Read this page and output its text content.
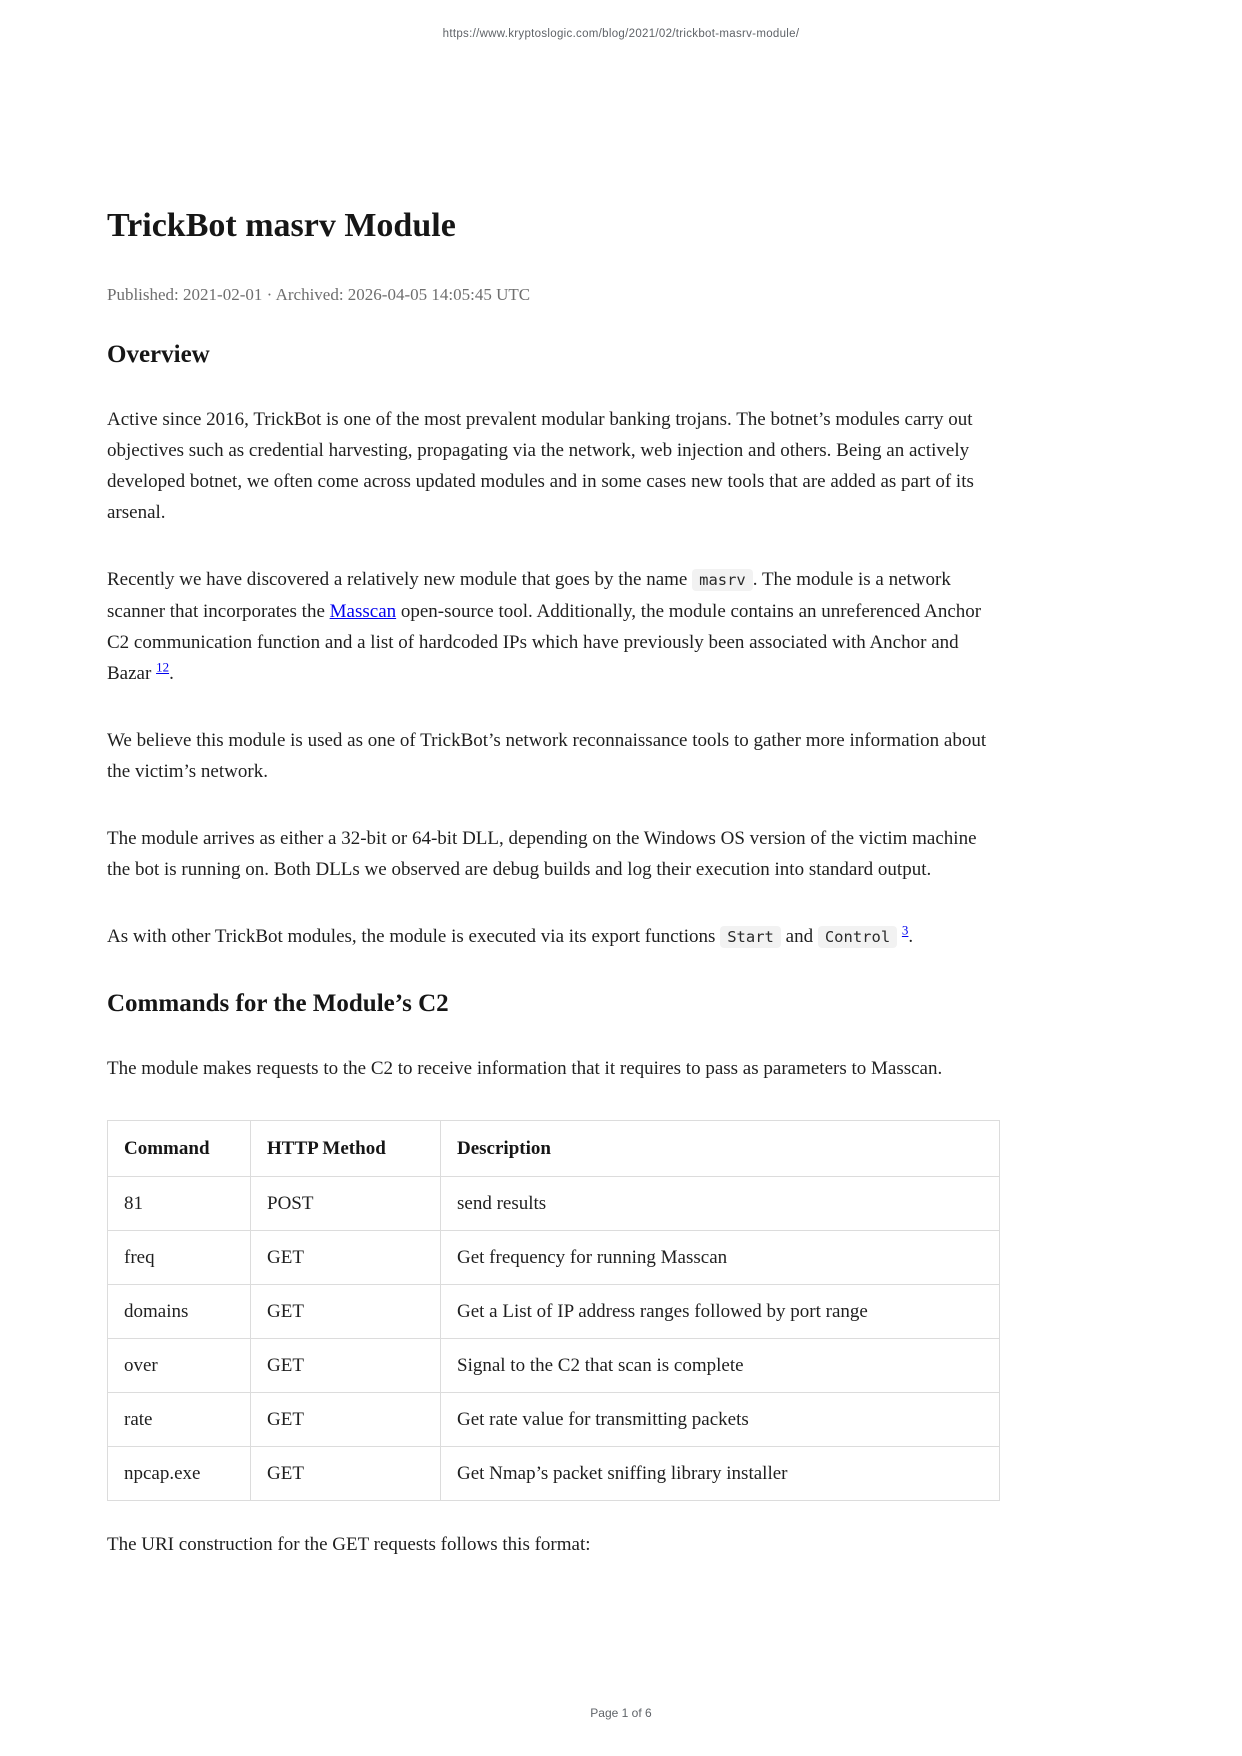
https://www.kryptoslogic.com/blog/2021/02/trickbot-masrv-module/
TrickBot masrv Module
Published: 2021-02-01 · Archived: 2026-04-05 14:05:45 UTC
Overview

Active since 2016, TrickBot is one of the most prevalent modular banking trojans. The botnet’s modules carry out objectives such as credential harvesting, propagating via the network, web injection and others. Being an actively developed botnet, we often come across updated modules and in some cases new tools that are added as part of its arsenal.

Recently we have discovered a relatively new module that goes by the name masrv . The module is a network scanner that incorporates the Masscan open-source tool. Additionally, the module contains an unreferenced Anchor C2 communication function and a list of hardcoded IPs which have previously been associated with Anchor and Bazar $^{12}$.

We believe this module is used as one of TrickBot’s network reconnaissance tools to gather more information about the victim’s network.

The module arrives as either a 32-bit or 64-bit DLL, depending on the Windows OS version of the victim machine the bot is running on. Both DLLs we observed are debug builds and log their execution into standard output.

As with other TrickBot modules, the module is executed via its export functions Start and Control $^3$.

Commands for the Module’s C2

The module makes requests to the C2 to receive information that it requires to pass as parameters to Masscan.

Command	HTTP Method	Description
81	POST	send results
freq	GET	Get frequency for running Masscan
domains	GET	Get a List of IP address ranges followed by port range
over	GET	Signal to the C2 that scan is complete
rate	GET	Get rate value for transmitting packets
npcap.exe	GET	Get Nmap’s packet sniffing library installer

The URI construction for the GET requests follows this format:

Page 1 of 6
